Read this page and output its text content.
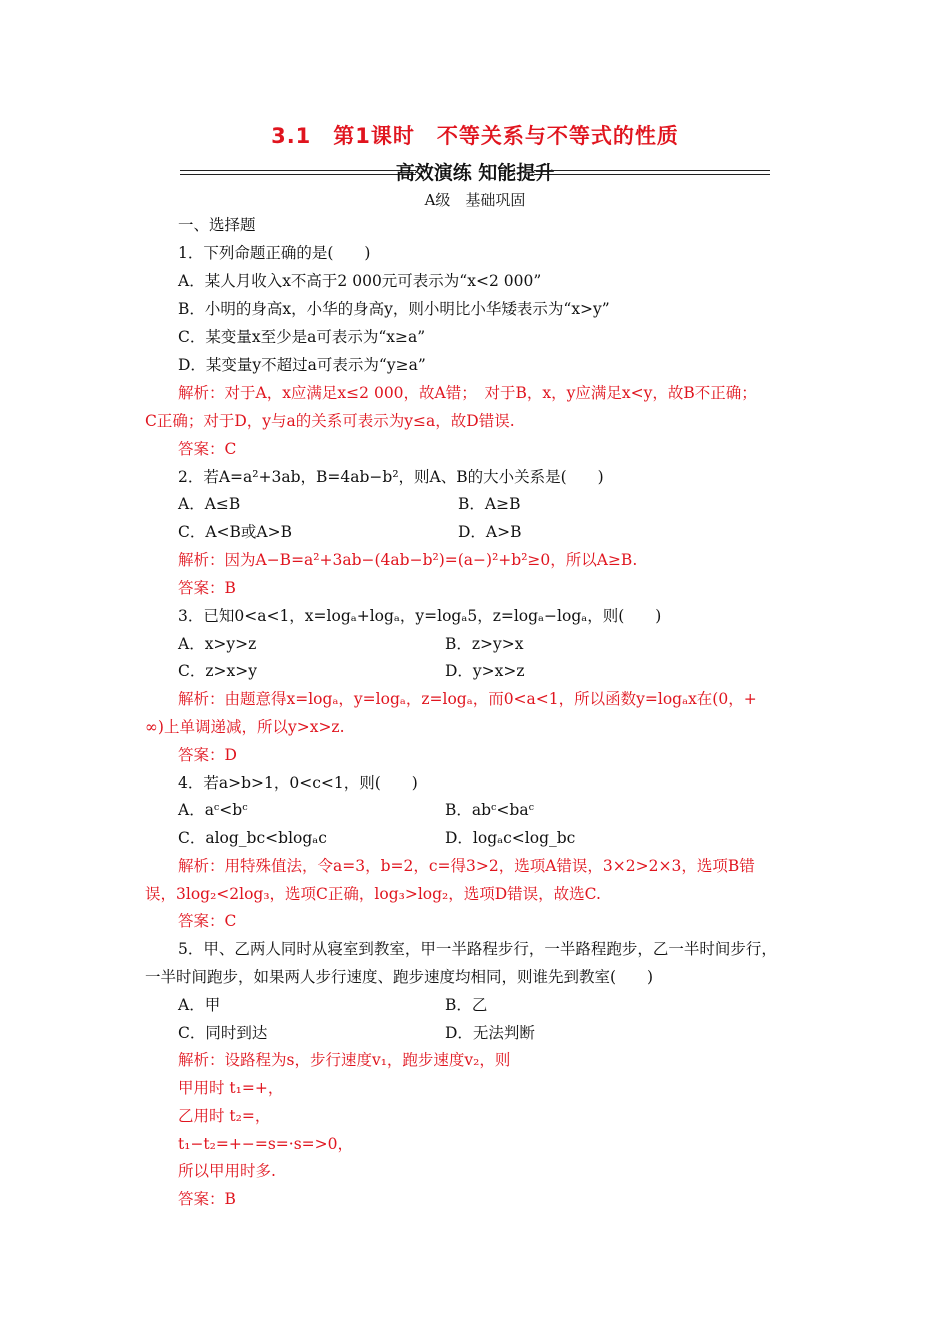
3.1　第1课时　不等关系与不等式的性质
高效演练 知能提升
A级　基础巩固
一、选择题
1．下列命题正确的是(　　)
A．某人月收入x不高于2 000元可表示为“x<2 000”
B．小明的身高x，小华的身高y，则小明比小华矮表示为“x>y”
C．某变量x至少是a可表示为“x≥a”
D．某变量y不超过a可表示为“y≥a”
解析：对于A，x应满足x≤2 000，故A错；　对于B，x，y应满足x<y，故B不正确；
C正确；对于D，y与a的关系可表示为y≤a，故D错误.
答案：C
2．若A=a²+3ab，B=4ab−b²，则A、B的大小关系是(　　)
A．A≤B	B．A≥B
C．A<B或A>B	D．A>B
解析：因为A−B=a²+3ab−(4ab−b²)=(a−)²+b²≥0，所以A≥B.
答案：B
3．已知0<a<1，x=logₐ+logₐ，y=logₐ5，z=logₐ−logₐ，则(　　)
A．x>y>z	B．z>y>x
C．z>x>y	D．y>x>z
解析：由题意得x=logₐ，y=logₐ，z=logₐ，而0<a<1，所以函数y=logₐx在(0，+
∞)上单调递减，所以y>x>z.
答案：D
4．若a>b>1，0<c<1，则(　　)
A．aᶜ<bᶜ	B．abᶜ<baᶜ
C．alog_bc<blogₐc	D．logₐc<log_bc
解析：用特殊值法，令a=3，b=2，c=得3>2，选项A错误，3×2>2×3，选项B错
误，3log₂<2log₃，选项C正确，log₃>log₂，选项D错误，故选C.
答案：C
5．甲、乙两人同时从寝室到教室，甲一半路程步行，一半路程跑步，乙一半时间步行，
一半时间跑步，如果两人步行速度、跑步速度均相同，则谁先到教室(　　)
A．甲	B．乙
C．同时到达	D．无法判断
解析：设路程为s，步行速度v₁，跑步速度v₂，则
甲用时 t₁=+，
乙用时 t₂=，
t₁−t₂=+−=s=·s=>0，
所以甲用时多.
答案：B
